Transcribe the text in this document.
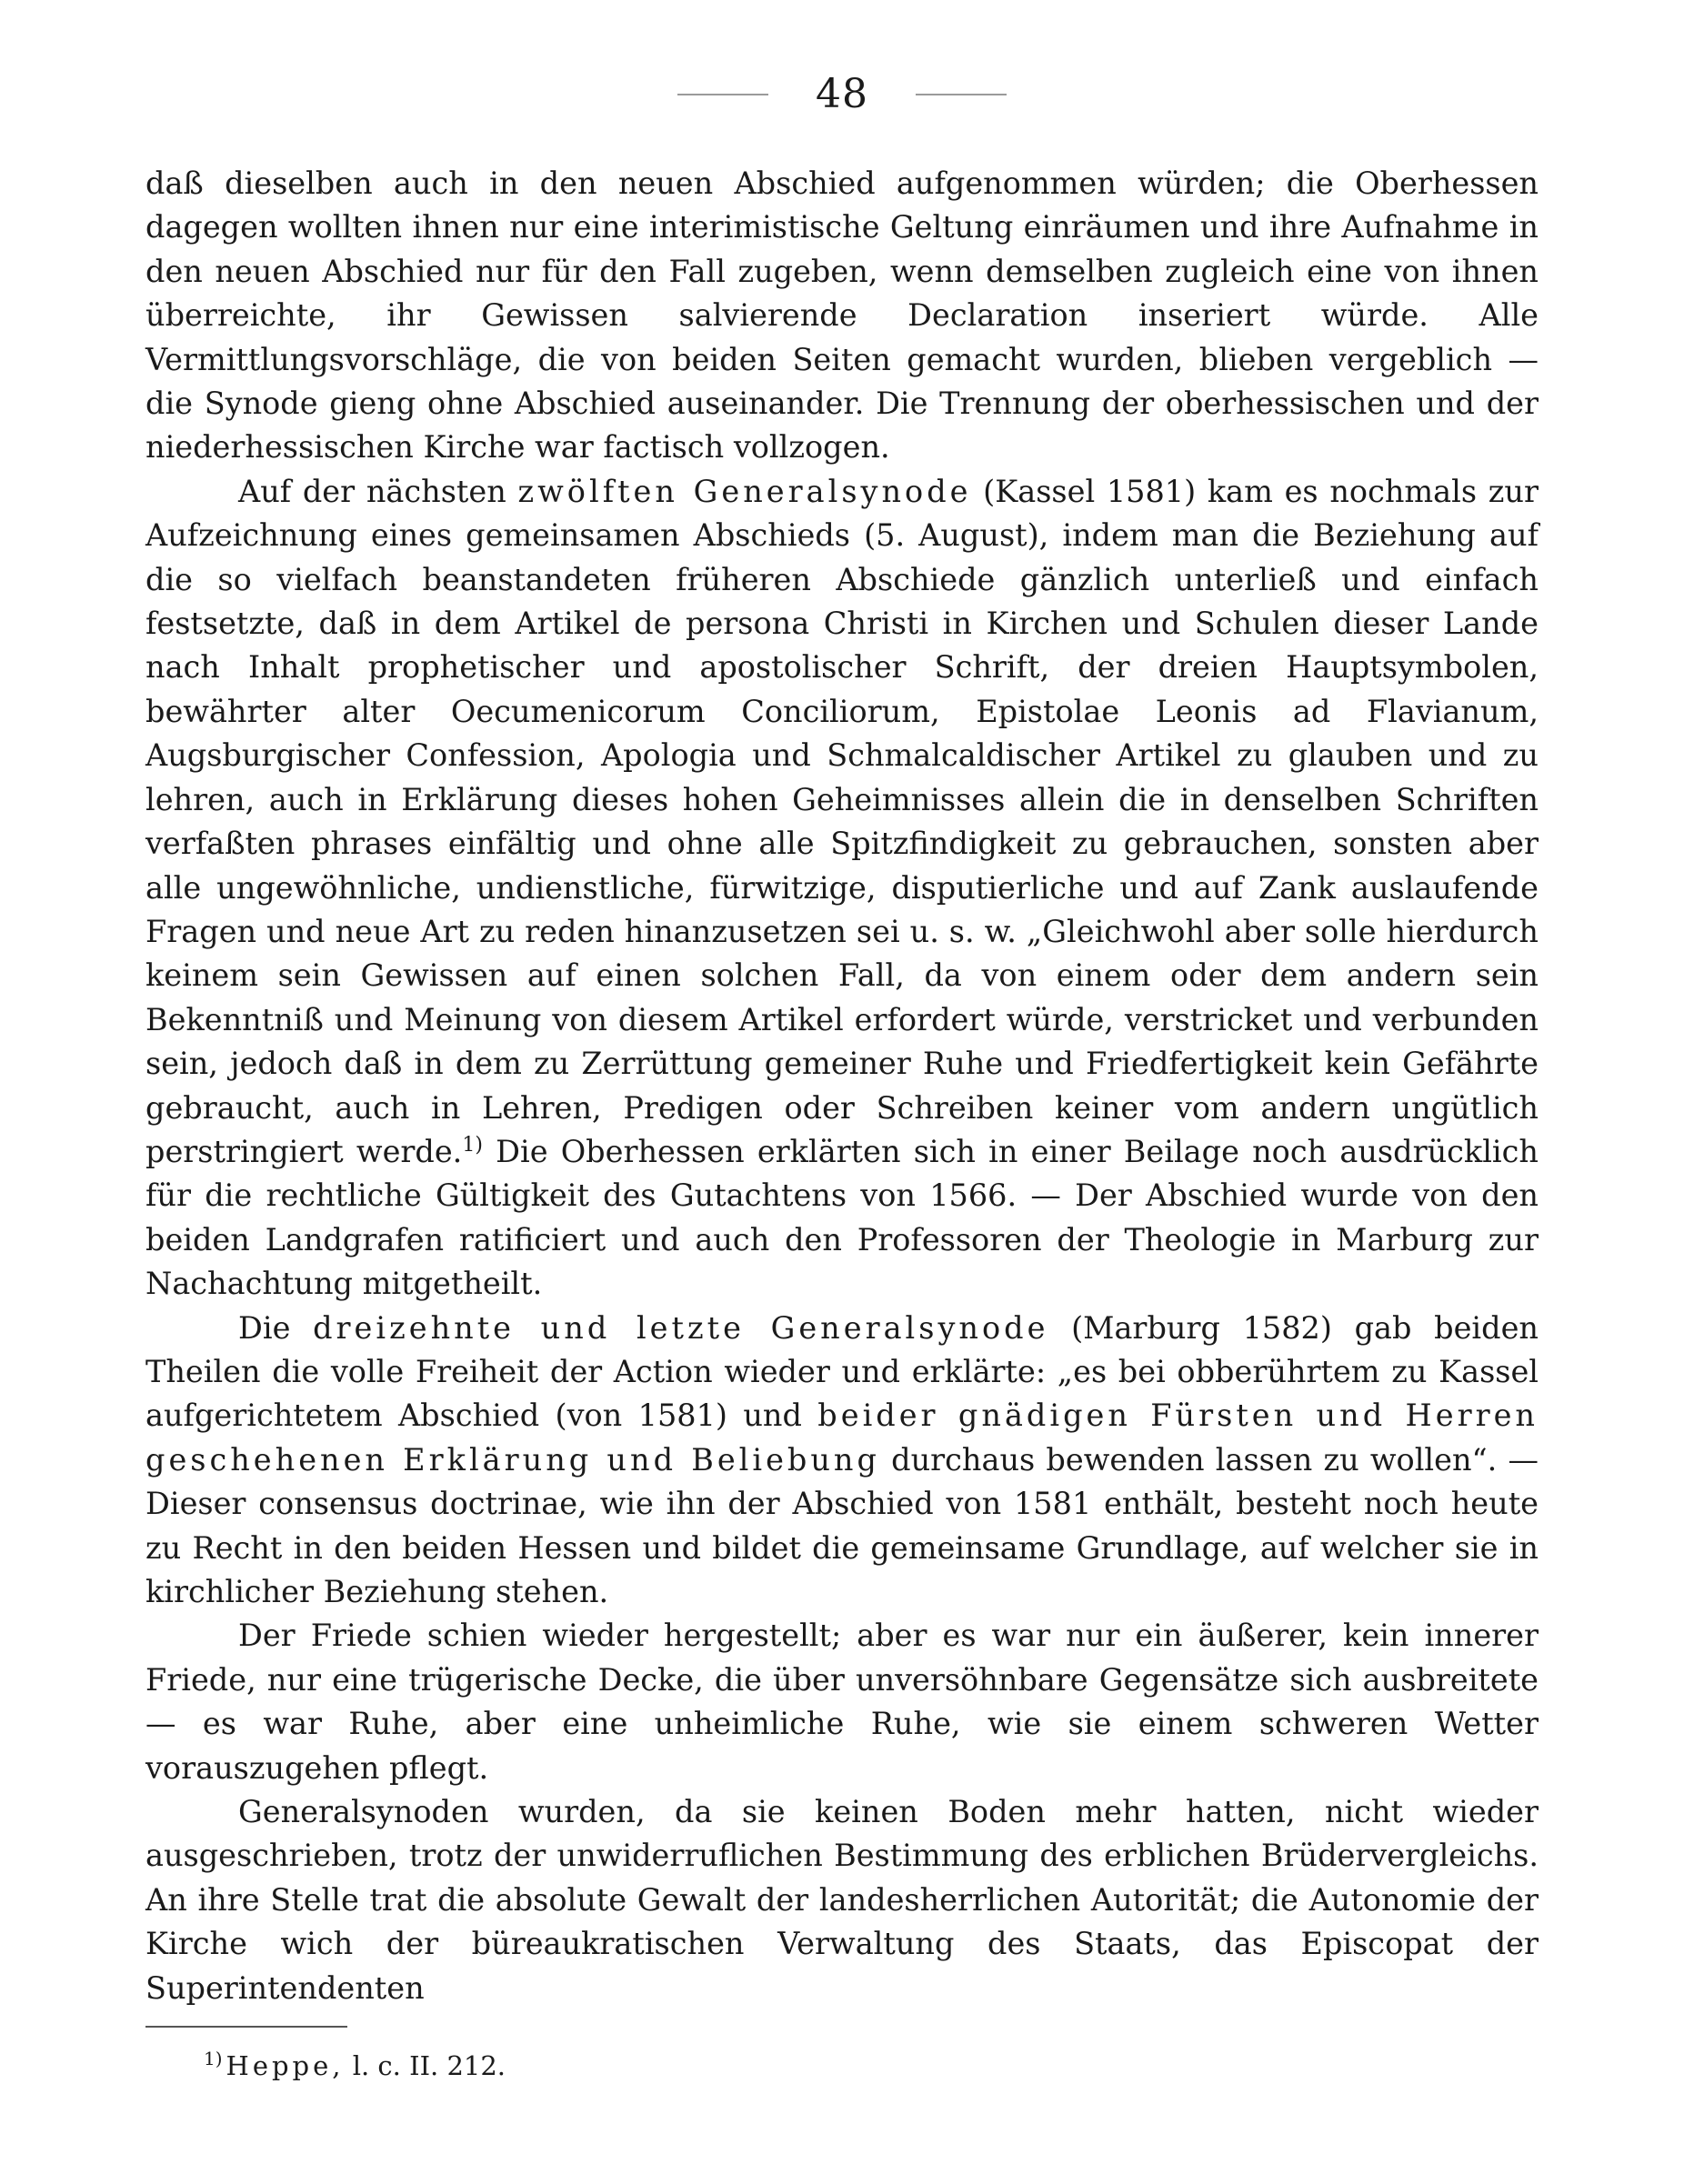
48

daß dieselben auch in den neuen Abschied aufgenommen würden; die Oberhessen dagegen wollten ihnen nur eine interimistische Geltung einräumen und ihre Aufnahme in den neuen Abschied nur für den Fall zugeben, wenn demselben zugleich eine von ihnen überreichte, ihr Gewissen salvierende Declaration inseriert würde. Alle Vermittlungsvorschläge, die von beiden Seiten gemacht wurden, blieben vergeblich — die Synode gieng ohne Abschied auseinander. Die Trennung der oberhessischen und der niederhessischen Kirche war factisch vollzogen.

Auf der nächsten zwölften Generalsynode (Kassel 1581) kam es nochmals zur Aufzeichnung eines gemeinsamen Abschieds (5. August), indem man die Beziehung auf die so vielfach beanstandeten früheren Abschiede gänzlich unterließ und einfach festsetzte, daß in dem Artikel de persona Christi in Kirchen und Schulen dieser Lande nach Inhalt prophetischer und apostolischer Schrift, der dreien Hauptsymbolen, bewährter alter Oecumenicorum Conciliorum, Epistolae Leonis ad Flavianum, Augsburgischer Confession, Apologia und Schmalcaldischer Artikel zu glauben und zu lehren, auch in Erklärung dieses hohen Geheimnisses allein die in denselben Schriften verfaßten phrases einfältig und ohne alle Spitzfindigkeit zu gebrauchen, sonsten aber alle ungewöhnliche, undienstliche, fürwitzige, disputierliche und auf Zank auslaufende Fragen und neue Art zu reden hinanzusetzen sei u. s. w. „Gleichwohl aber solle hierdurch keinem sein Gewissen auf einen solchen Fall, da von einem oder dem andern sein Bekenntniß und Meinung von diesem Artikel erfordert würde, verstricket und verbunden sein, jedoch daß in dem zu Zerrüttung gemeiner Ruhe und Friedfertigkeit kein Gefährte gebraucht, auch in Lehren, Predigen oder Schreiben keiner vom andern ungütlich perstringiert werde.$^{1)}$ Die Oberhessen erklärten sich in einer Beilage noch ausdrücklich für die rechtliche Gültigkeit des Gutachtens von 1566. — Der Abschied wurde von den beiden Landgrafen ratificiert und auch den Professoren der Theologie in Marburg zur Nachachtung mitgetheilt.

Die dreizehnte und letzte Generalsynode (Marburg 1582) gab beiden Theilen die volle Freiheit der Action wieder und erklärte: „es bei obberührtem zu Kassel aufgerichtetem Abschied (von 1581) und beider gnädigen Fürsten und Herren geschehenen Erklärung und Beliebung durchaus bewenden lassen zu wollen“. — Dieser consensus doctrinae, wie ihn der Abschied von 1581 enthält, besteht noch heute zu Recht in den beiden Hessen und bildet die gemeinsame Grundlage, auf welcher sie in kirchlicher Beziehung stehen.

Der Friede schien wieder hergestellt; aber es war nur ein äußerer, kein innerer Friede, nur eine trügerische Decke, die über unversöhnbare Gegensätze sich ausbreitete — es war Ruhe, aber eine unheimliche Ruhe, wie sie einem schweren Wetter vorauszugehen pflegt.

Generalsynoden wurden, da sie keinen Boden mehr hatten, nicht wieder ausgeschrieben, trotz der unwiderruflichen Bestimmung des erblichen Brüdervergleichs. An ihre Stelle trat die absolute Gewalt der landesherrlichen Autorität; die Autonomie der Kirche wich der büreaukratischen Verwaltung des Staats, das Episcopat der Superintendenten

$^{1)}$ Heppe, l. c. II. 212.
